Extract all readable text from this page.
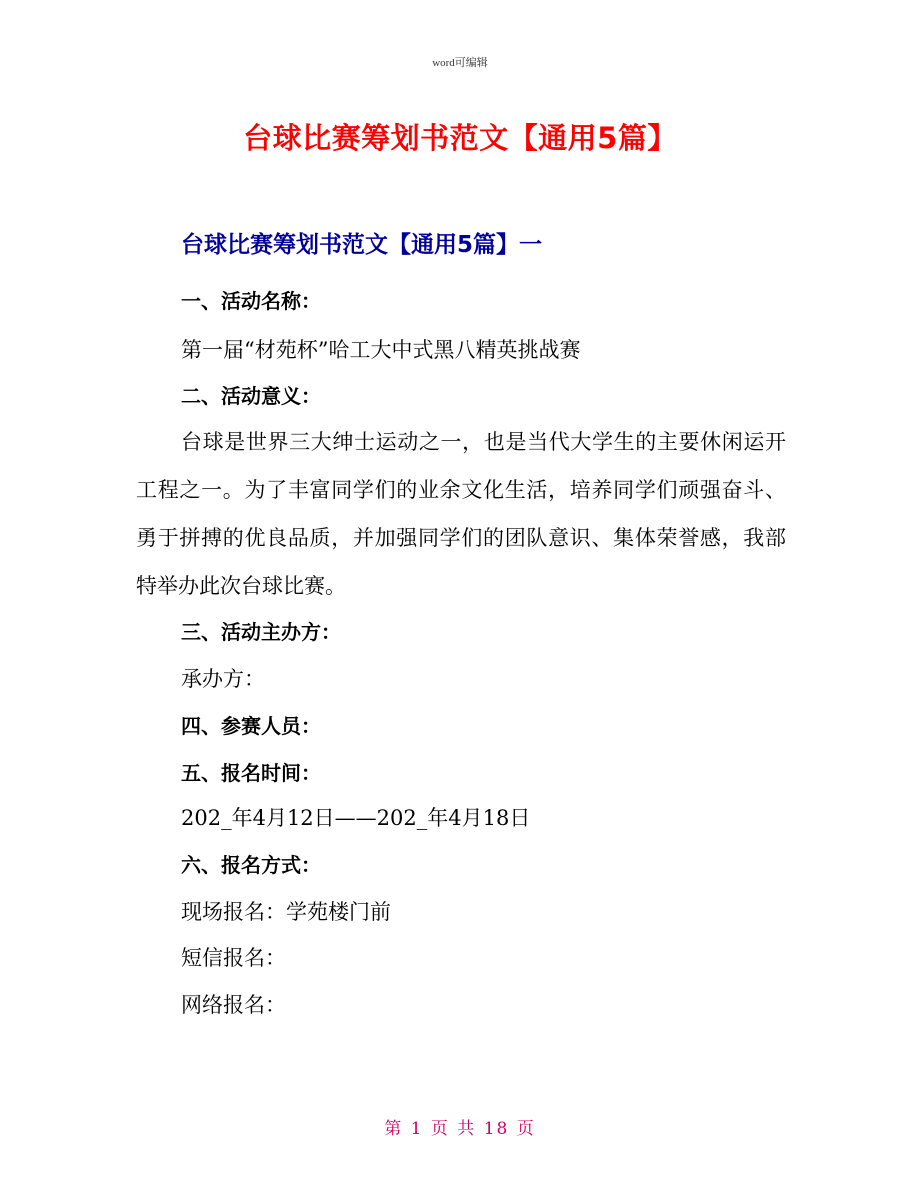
word可编辑
台球比赛筹划书范文【通用5篇】
台球比赛筹划书范文【通用5篇】一
一、活动名称：
第一届“材苑杯”哈工大中式黑八精英挑战赛
二、活动意义：
台球是世界三大绅士运动之一，也是当代大学生的主要休闲运开工程之一。为了丰富同学们的业余文化生活，培养同学们顽强奋斗、勇于拼搏的优良品质，并加强同学们的团队意识、集体荣誉感，我部特举办此次台球比赛。
三、活动主办方：
承办方：
四、参赛人员：
五、报名时间：
202_年4月12日——202_年4月18日
六、报名方式：
现场报名：学苑楼门前
短信报名：
网络报名：
第 1 页 共 18 页
